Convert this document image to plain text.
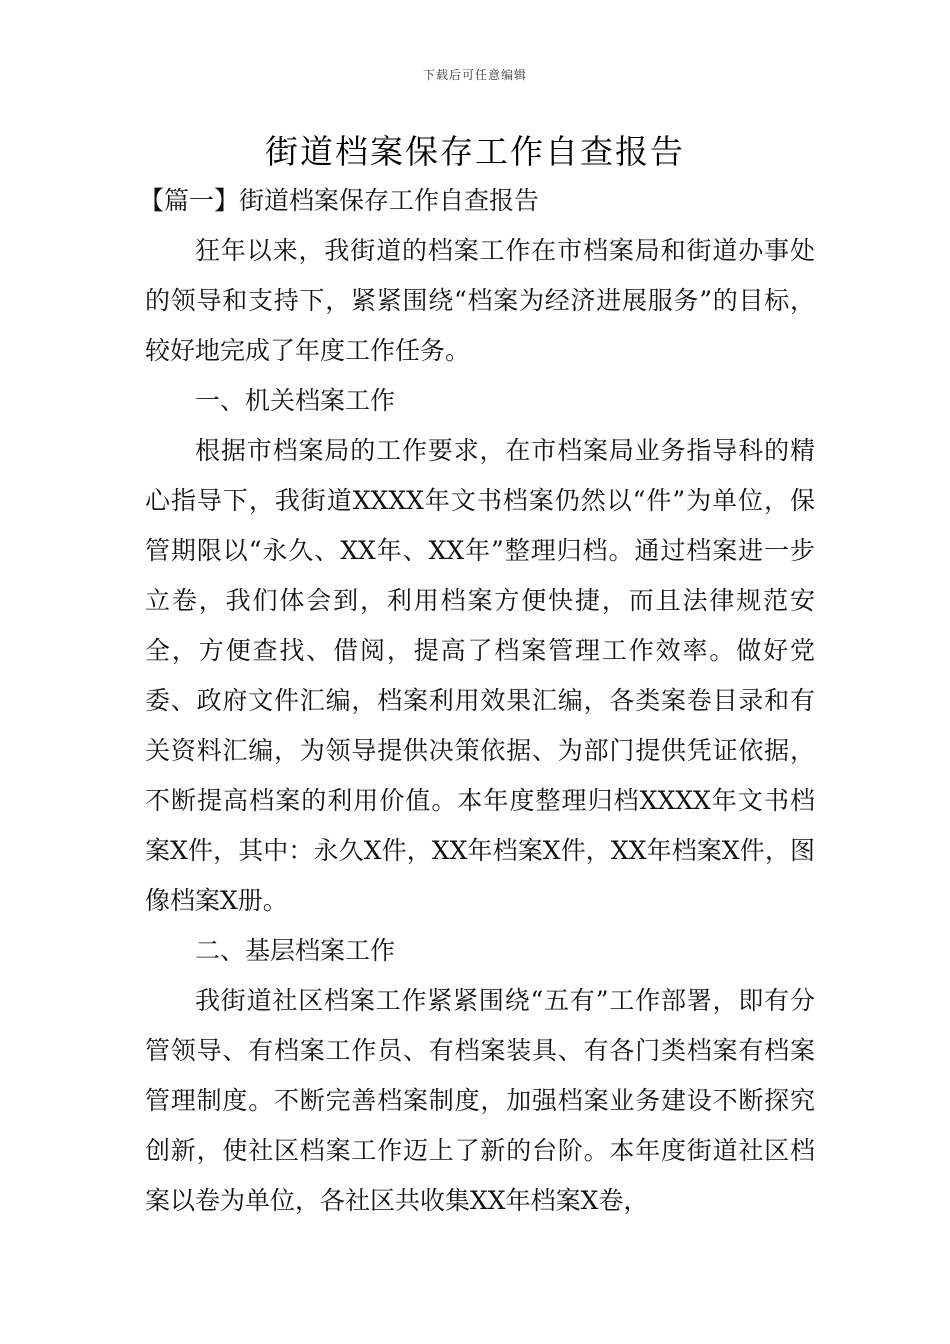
下载后可任意编辑
街道档案保存工作自查报告

【篇一】街道档案保存工作自查报告

狂年以来，我街道的档案工作在市档案局和街道办事处的领导和支持下，紧紧围绕“档案为经济进展服务”的目标，较好地完成了年度工作任务。

一、机关档案工作

根据市档案局的工作要求，在市档案局业务指导科的精心指导下，我街道XXXX年文书档案仍然以“件”为单位，保管期限以“永久、XX年、XX年”整理归档。通过档案进一步立卷，我们体会到，利用档案方便快捷，而且法律规范安全，方便查找、借阅，提高了档案管理工作效率。做好党委、政府文件汇编，档案利用效果汇编，各类案卷目录和有关资料汇编，为领导提供决策依据、为部门提供凭证依据，不断提高档案的利用价值。本年度整理归档XXXX年文书档案X件，其中：永久X件，XX年档案X件，XX年档案X件，图像档案X册。

二、基层档案工作

我街道社区档案工作紧紧围绕“五有”工作部署，即有分管领导、有档案工作员、有档案装具、有各门类档案有档案管理制度。不断完善档案制度，加强档案业务建设不断探究创新，使社区档案工作迈上了新的台阶。本年度街道社区档案以卷为单位，各社区共收集XX年档案X卷，
